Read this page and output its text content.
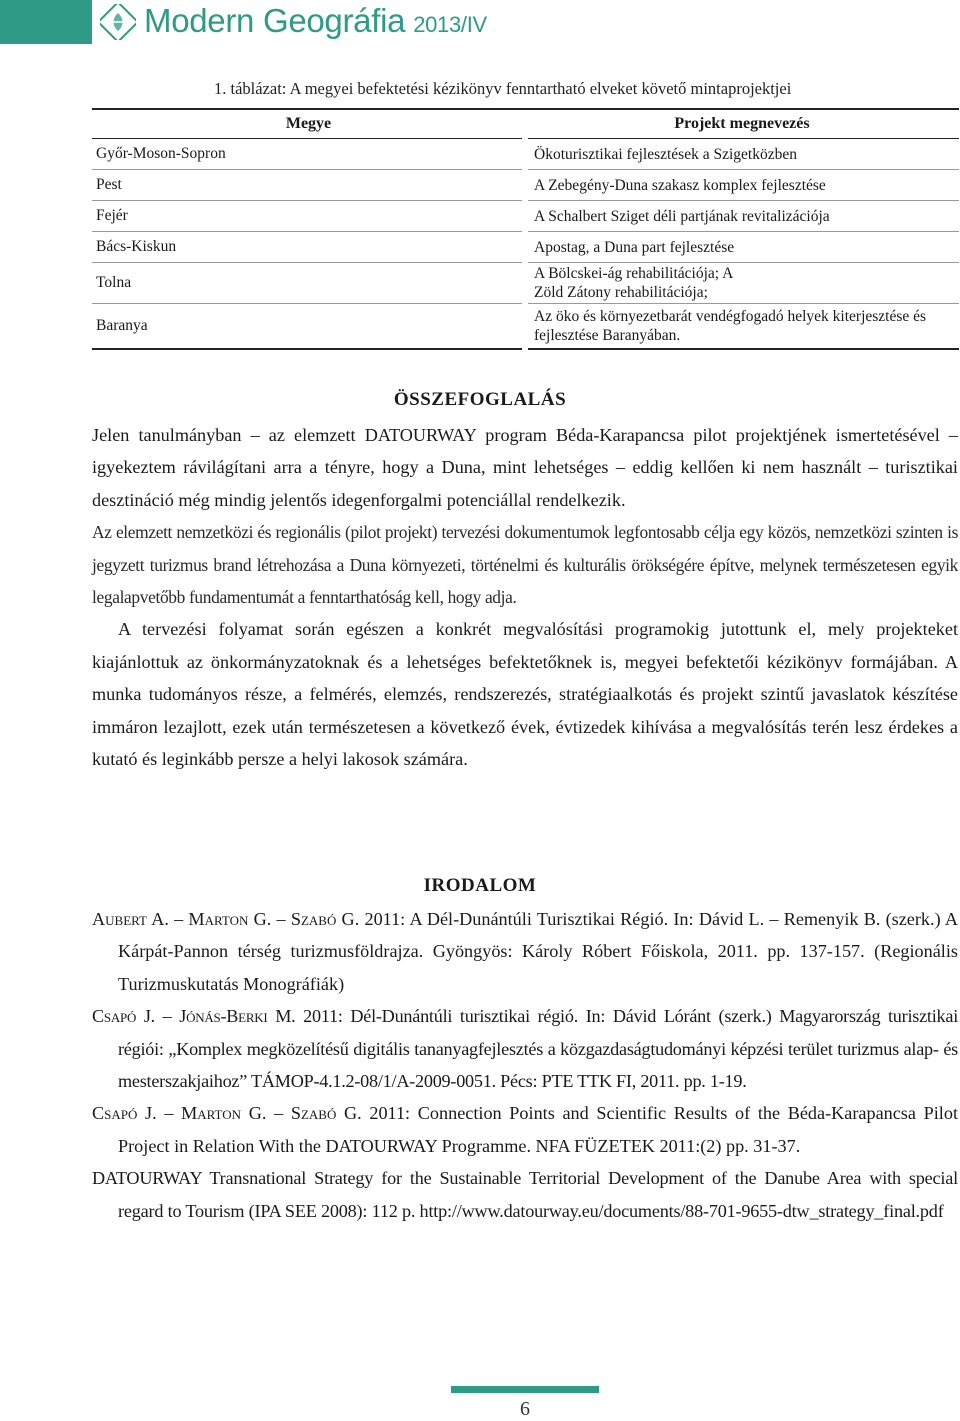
Modern Geográfia 2013/IV
1. táblázat: A megyei befektetési kézikönyv fenntartható elveket követő mintaprojektjei
Megye	Projekt megnevezés
Győr-Moson-Sopron	Ökoturisztikai fejlesztések a Szigetközben
Pest	A Zebegény-Duna szakasz komplex fejlesztése
Fejér	A Schalbert Sziget déli partjának revitalizációja
Bács-Kiskun	Apostag, a Duna part fejlesztése
Tolna	A Bölcskei-ág rehabilitációja; A Zöld Zátony rehabilitációja;
Baranya	Az öko és környezetbarát vendégfogadó helyek kiterjesztése és fejlesztése Baranyában.
ÖSSZEFOGLALÁS

Jelen tanulmányban – az elemzett DATOURWAY program Béda-Karapancsa pilot projektjének ismertetésével – igyekeztem rávilágítani arra a tényre, hogy a Duna, mint lehetséges – eddig kellően ki nem használt – turisztikai desztináció még mindig jelentős idegenforgalmi potenciállal rendelkezik.

Az elemzett nemzetközi és regionális (pilot projekt) tervezési dokumentumok legfontosabb célja egy közös, nemzetközi szinten is jegyzett turizmus brand létrehozása a Duna környezeti, történelmi és kulturális örökségére építve, melynek természetesen egyik legalapvetőbb fundamentumát a fenntarthatóság kell, hogy adja.

A tervezési folyamat során egészen a konkrét megvalósítási programokig jutottunk el, mely projekteket kiajánlottuk az önkormányzatoknak és a lehetséges befektetőknek is, megyei befektetői kézikönyv formájában. A munka tudományos része, a felmérés, elemzés, rendszerezés, stratégiaalkotás és projekt szintű javaslatok készítése immáron lezajlott, ezek után természetesen a következő évek, évtizedek kihívása a megvalósítás terén lesz érdekes a kutató és leginkább persze a helyi lakosok számára.

IRODALOM

Aubert A. – Marton G. – Szabó G. 2011: A Dél-Dunántúli Turisztikai Régió. In: Dávid L. – Remenyik B. (szerk.) A Kárpát-Pannon térség turizmusföldrajza. Gyöngyös: Károly Róbert Főiskola, 2011. pp. 137-157. (Regionális Turizmuskutatás Monográfiák)

Csapó J. – Jónás-Berki M. 2011: Dél-Dunántúli turisztikai régió. In: Dávid Lóránt (szerk.) Magyarország turisztikai régiói: „Komplex megközelítésű digitális tananyagfejlesztés a közgazdaságtudományi képzési terület turizmus alap- és mesterszakjaihoz” TÁMOP-4.1.2-08/1/A-2009-0051. Pécs: PTE TTK FI, 2011. pp. 1-19.

Csapó J. – Marton G. – Szabó G. 2011: Connection Points and Scientific Results of the Béda-Karapancsa Pilot Project in Relation With the DATOURWAY Programme. NFA FÜZETEK 2011:(2) pp. 31-37.

DATOURWAY Transnational Strategy for the Sustainable Territorial Development of the Danube Area with special regard to Tourism (IPA SEE 2008): 112 p. http://www.datourway.eu/documents/88-701-9655-dtw_strategy_final.pdf

6
